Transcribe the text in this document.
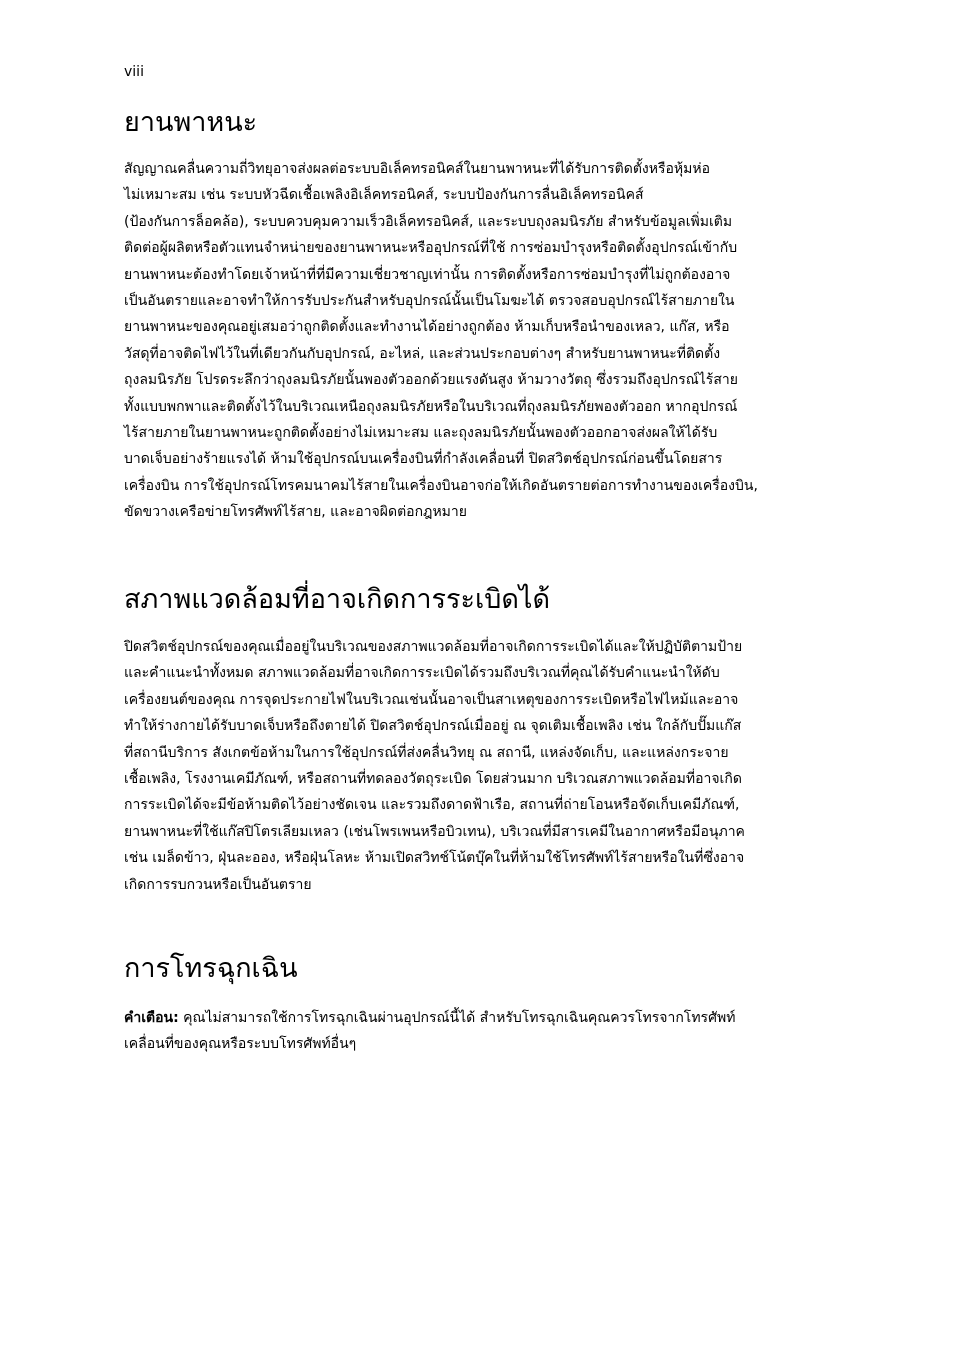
viii
ยานพาหนะ

สัญญาณคลื่นความถี่วิทยุอาจส่งผลต่อระบบอิเล็คทรอนิคส์ในยานพาหนะที่ได้รับการติดตั้งหรือหุ้มห่อ
ไม่เหมาะสม เช่น ระบบหัวฉีดเชื้อเพลิงอิเล็คทรอนิคส์, ระบบป้องกันการลื่นอิเล็คทรอนิคส์
(ป้องกันการล็อคล้อ), ระบบควบคุมความเร็วอิเล็คทรอนิคส์, และระบบถุงลมนิรภัย สำหรับข้อมูลเพิ่มเติม
ติดต่อผู้ผลิตหรือตัวแทนจำหน่ายของยานพาหนะหรืออุปกรณ์ที่ใช้ การซ่อมบำรุงหรือติดตั้งอุปกรณ์เข้ากับ
ยานพาหนะต้องทำโดยเจ้าหน้าที่ที่มีความเชี่ยวชาญเท่านั้น การติดตั้งหรือการซ่อมบำรุงที่ไม่ถูกต้องอาจ
เป็นอันตรายและอาจทำให้การรับประกันสำหรับอุปกรณ์นั้นเป็นโมฆะได้ ตรวจสอบอุปกรณ์ไร้สายภายใน
ยานพาหนะของคุณอยู่เสมอว่าถูกติดตั้งและทำงานได้อย่างถูกต้อง ห้ามเก็บหรือนำของเหลว, แก๊ส, หรือ
วัสดุที่อาจติดไฟไว้ในที่เดียวกันกับอุปกรณ์, อะไหล่, และส่วนประกอบต่างๆ สำหรับยานพาหนะที่ติดตั้ง
ถุงลมนิรภัย โปรดระลึกว่าถุงลมนิรภัยนั้นพองตัวออกด้วยแรงดันสูง ห้ามวางวัตถุ ซึ่งรวมถึงอุปกรณ์ไร้สาย
ทั้งแบบพกพาและติดตั้งไว้ในบริเวณเหนือถุงลมนิรภัยหรือในบริเวณที่ถุงลมนิรภัยพองตัวออก หากอุปกรณ์
ไร้สายภายในยานพาหนะถูกติดตั้งอย่างไม่เหมาะสม และถุงลมนิรภัยนั้นพองตัวออกอาจส่งผลให้ได้รับ
บาดเจ็บอย่างร้ายแรงได้ ห้ามใช้อุปกรณ์บนเครื่องบินที่กำลังเคลื่อนที่ ปิดสวิตช์อุปกรณ์ก่อนขึ้นโดยสาร
เครื่องบิน การใช้อุปกรณ์โทรคมนาคมไร้สายในเครื่องบินอาจก่อให้เกิดอันตรายต่อการทำงานของเครื่องบิน,
ขัดขวางเครือข่ายโทรศัพท์ไร้สาย, และอาจผิดต่อกฎหมาย

สภาพแวดล้อมที่อาจเกิดการระเบิดได้

ปิดสวิตช์อุปกรณ์ของคุณเมื่ออยู่ในบริเวณของสภาพแวดล้อมที่อาจเกิดการระเบิดได้และให้ปฏิบัติตามป้าย
และคำแนะนำทั้งหมด สภาพแวดล้อมที่อาจเกิดการระเบิดได้รวมถึงบริเวณที่คุณได้รับคำแนะนำให้ดับ
เครื่องยนต์ของคุณ การจุดประกายไฟในบริเวณเช่นนั้นอาจเป็นสาเหตุของการระเบิดหรือไฟไหม้และอาจ
ทำให้ร่างกายได้รับบาดเจ็บหรือถึงตายได้ ปิดสวิตช์อุปกรณ์เมื่ออยู่ ณ จุดเติมเชื้อเพลิง เช่น ใกล้กับปั๊มแก๊ส
ที่สถานีบริการ สังเกตข้อห้ามในการใช้อุปกรณ์ที่ส่งคลื่นวิทยุ ณ สถานี, แหล่งจัดเก็บ, และแหล่งกระจาย
เชื้อเพลิง, โรงงานเคมีภัณฑ์, หรือสถานที่ทดลองวัตถุระเบิด โดยส่วนมาก บริเวณสภาพแวดล้อมที่อาจเกิด
การระเบิดได้จะมีข้อห้ามติดไว้อย่างชัดเจน และรวมถึงดาดฟ้าเรือ, สถานที่ถ่ายโอนหรือจัดเก็บเคมีภัณฑ์,
ยานพาหนะที่ใช้แก๊สปิโตรเลียมเหลว (เช่นโพรเพนหรือบิวเทน), บริเวณที่มีสารเคมีในอากาศหรือมีอนุภาค
เช่น เมล็ดข้าว, ฝุ่นละออง, หรือฝุ่นโลหะ ห้ามเปิดสวิทช์โน้ตบุ๊คในที่ห้ามใช้โทรศัพท์ไร้สายหรือในที่ซึ่งอาจ
เกิดการรบกวนหรือเป็นอันตราย

การโทรฉุกเฉิน

คำเตือน: คุณไม่สามารถใช้การโทรฉุกเฉินผ่านอุปกรณ์นี้ได้ สำหรับโทรฉุกเฉินคุณควรโทรจากโทรศัพท์
เคลื่อนที่ของคุณหรือระบบโทรศัพท์อื่นๆ
